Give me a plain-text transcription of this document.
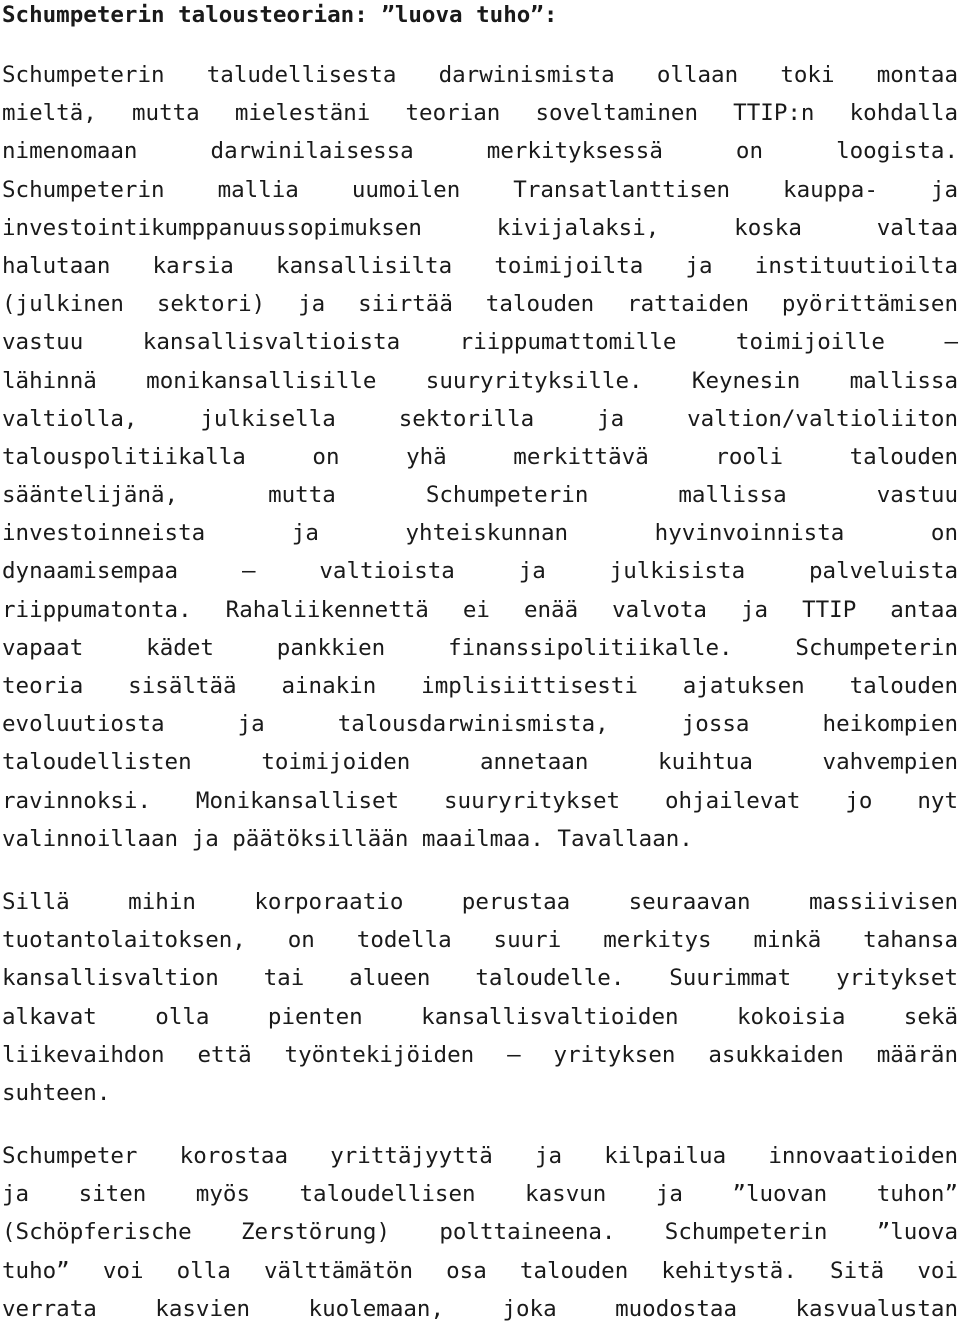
Schumpeterin talousteorian: ”luova tuho”:
Schumpeterin taludellisesta darwinismista ollaan toki montaa
mieltä, mutta mielestäni teorian soveltaminen TTIP:n kohdalla
nimenomaan darwinilaisessa merkityksessä on loogista.
Schumpeterin mallia uumoilen Transatlanttisen kauppa- ja
investointikumppanuussopimuksen kivijalaksi, koska valtaa
halutaan karsia kansallisilta toimijoilta ja instituutioilta
(julkinen sektori) ja siirtää talouden rattaiden pyörittämisen
vastuu kansallisvaltioista riippumattomille toimijoille –
lähinnä monikansallisille suuryrityksille. Keynesin mallissa
valtiolla, julkisella sektorilla ja valtion/valtioliiton
talouspolitiikalla on yhä merkittävä rooli talouden
sääntelijänä, mutta Schumpeterin mallissa vastuu
investoinneista ja yhteiskunnan hyvinvoinnista on
dynaamisempaa – valtioista ja julkisista palveluista
riippumatonta. Rahaliikennettä ei enää valvota ja TTIP antaa
vapaat kädet pankkien finanssipolitiikalle. Schumpeterin
teoria sisältää ainakin implisiittisesti ajatuksen talouden
evoluutiosta ja talousdarwinismista, jossa heikompien
taloudellisten toimijoiden annetaan kuihtua vahvempien
ravinnoksi. Monikansalliset suuryritykset ohjailevat jo nyt
valinnoillaan ja päätöksillään maailmaa. Tavallaan.
Sillä mihin korporaatio perustaa seuraavan massiivisen
tuotantolaitoksen, on todella suuri merkitys minkä tahansa
kansallisvaltion tai alueen taloudelle. Suurimmat yritykset
alkavat olla pienten kansallisvaltioiden kokoisia sekä
liikevaihdon että työntekijöiden – yrityksen asukkaiden määrän
suhteen.
Schumpeter korostaa yrittäjyyttä ja kilpailua innovaatioiden
ja siten myös taloudellisen kasvun ja ”luovan tuhon”
(Schöpferische Zerstörung) polttaineena. Schumpeterin ”luova
tuho” voi olla välttämätön osa talouden kehitystä. Sitä voi
verrata kasvien kuolemaan, joka muodostaa kasvualustan
